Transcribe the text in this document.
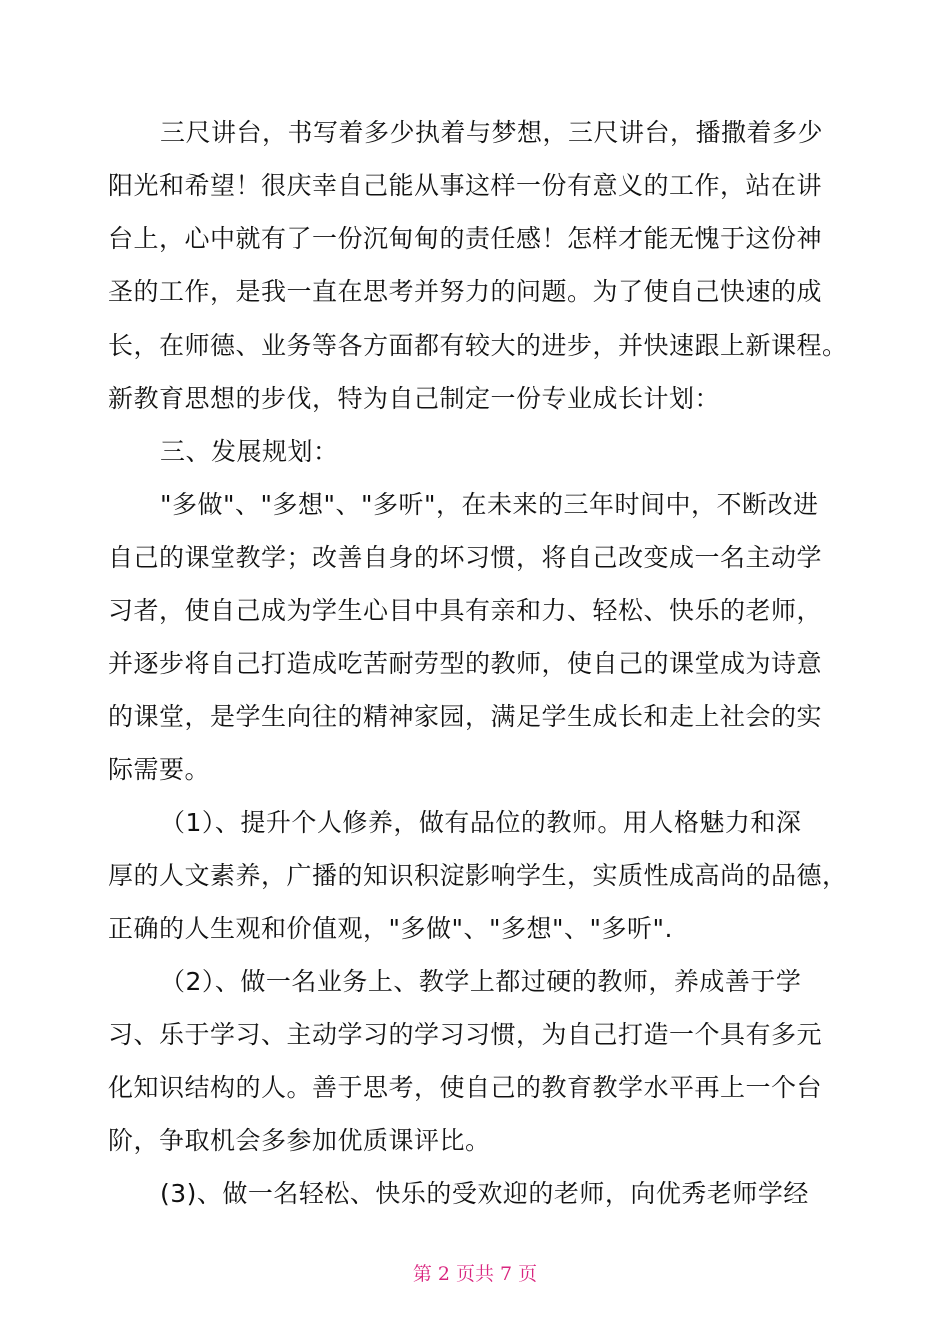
三尺讲台，书写着多少执着与梦想，三尺讲台，播撒着多少
阳光和希望！很庆幸自己能从事这样一份有意义的工作，站在讲
台上，心中就有了一份沉甸甸的责任感！怎样才能无愧于这份神
圣的工作，是我一直在思考并努力的问题。为了使自己快速的成
长，在师德、业务等各方面都有较大的进步，并快速跟上新课程。
新教育思想的步伐，特为自己制定一份专业成长计划：
三、发展规划：
"多做"、"多想"、"多听"，在未来的三年时间中，不断改进
自己的课堂教学；改善自身的坏习惯，将自己改变成一名主动学
习者，使自己成为学生心目中具有亲和力、轻松、快乐的老师，
并逐步将自己打造成吃苦耐劳型的教师，使自己的课堂成为诗意
的课堂，是学生向往的精神家园，满足学生成长和走上社会的实
际需要。
（1）、提升个人修养，做有品位的教师。用人格魅力和深
厚的人文素养，广播的知识积淀影响学生，实质性成高尚的品德，
正确的人生观和价值观，"多做"、"多想"、"多听".
（2）、做一名业务上、教学上都过硬的教师，养成善于学
习、乐于学习、主动学习的学习习惯，为自己打造一个具有多元
化知识结构的人。善于思考，使自己的教育教学水平再上一个台
阶，争取机会多参加优质课评比。
(3)、做一名轻松、快乐的受欢迎的老师，向优秀老师学经
第 2 页共 7 页
